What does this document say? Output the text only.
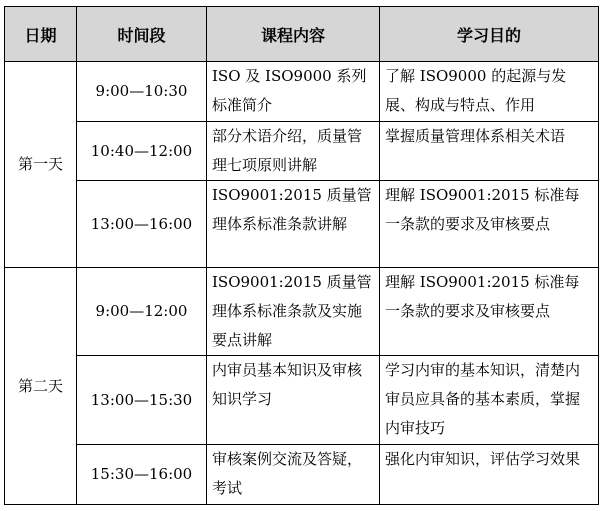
日期	时间段	课程内容	学习目的
第一天	9:00—10:30	ISO 及 ISO9000 系列标准简介	了解 ISO9000 的起源与发展、构成与特点、作用
	10:40—12:00	部分术语介绍，质量管理七项原则讲解	掌握质量管理体系相关术语
	13:00—16:00	ISO9001:2015 质量管理体系标准条款讲解	理解 ISO9001:2015 标准每一条款的要求及审核要点
第二天	9:00—12:00	ISO9001:2015 质量管理体系标准条款及实施要点讲解	理解 ISO9001:2015 标准每一条款的要求及审核要点
	13:00—15:30	内审员基本知识及审核知识学习	学习内审的基本知识，清楚内审员应具备的基本素质，掌握内审技巧
	15:30—16:00	审核案例交流及答疑，考试	强化内审知识，评估学习效果
